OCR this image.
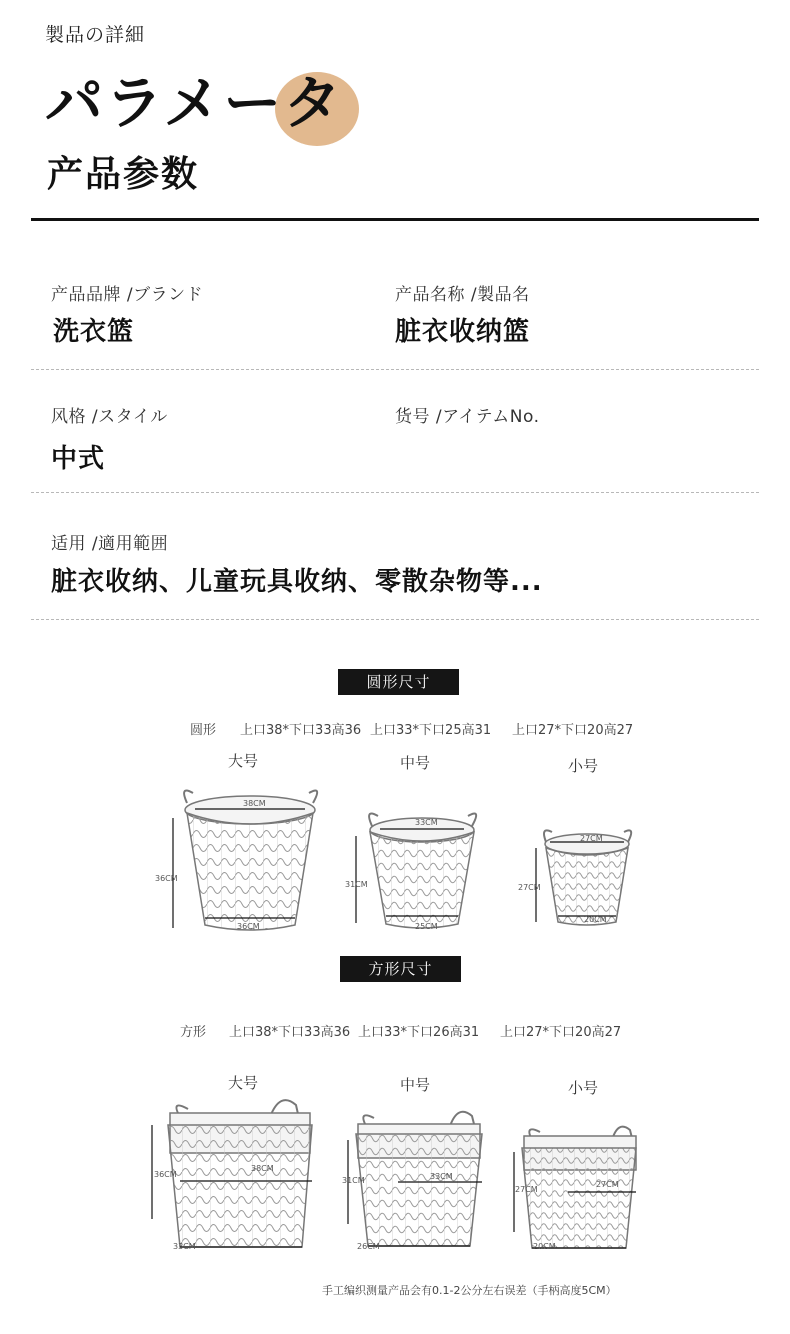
製品の詳細
パラメータ
产品参数
产品品牌 /ブランド
洗衣篮
产品名称 /製品名
脏衣收纳篮
风格 /スタイル
中式
货号 /アイテムNo.
适用 /適用範囲
脏衣收纳、儿童玩具收纳、零散杂物等...
圆形尺寸
圆形 上口38*下口33高36 上口33*下口25高31 上口27*下口20高27
大号	中号	小号
38CM
36CM
36CM
33CM
31CM
25CM
27CM
27CM
20CM
方形尺寸
方形 上口38*下口33高36 上口33*下口26高31 上口27*下口20高27
大号	中号	小号
38CM
36CM
33CM
33CM
31CM
26CM
27CM
27CM
20CM
手工编织测量产品会有0.1-2公分左右误差（手柄高度5CM）
